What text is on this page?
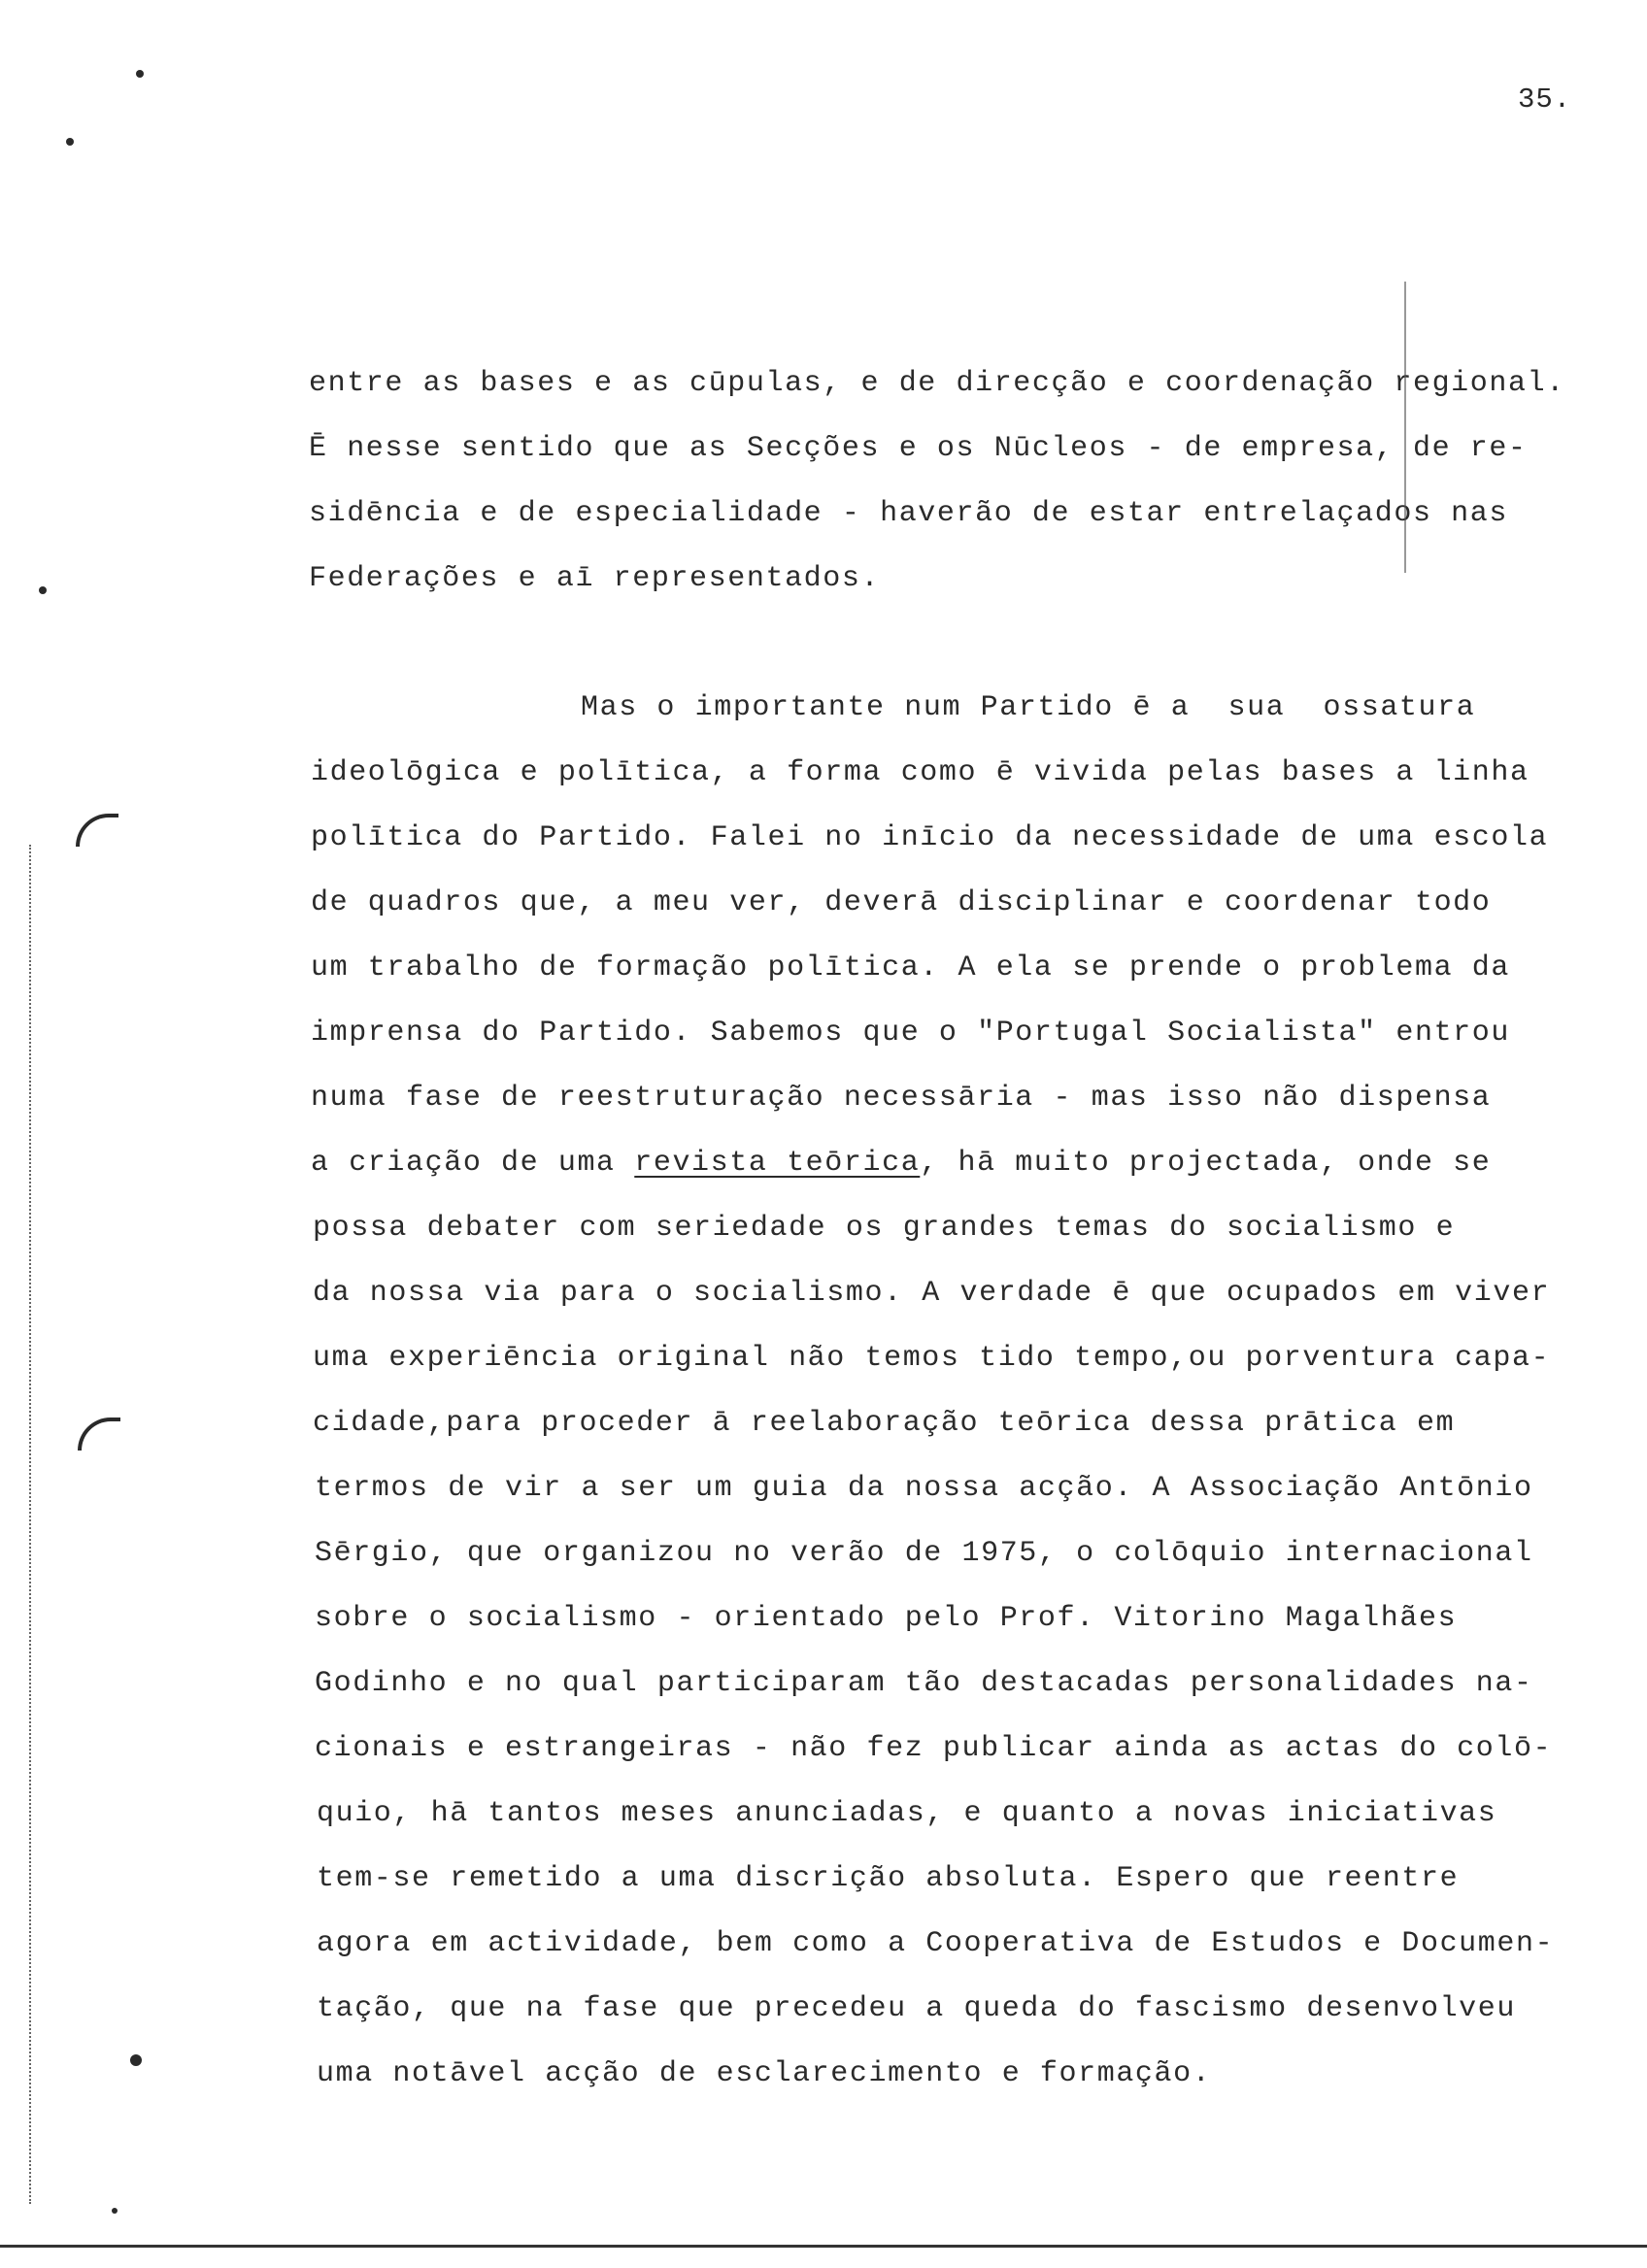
35.
entre as bases e as cūpulas, e de direcção e coordenação regional.
Ē nesse sentido que as Secções e os Nūcleos - de empresa, de re-
sidēncia e de especialidade - haverão de estar entrelaçados nas
Federações e aī representados.
Mas o importante num Partido ē a  sua  ossatura
ideolōgica e polītica, a forma como ē vivida pelas bases a linha
polītica do Partido. Falei no inīcio da necessidade de uma escola
de quadros que, a meu ver, deverā disciplinar e coordenar todo
um trabalho de formação polītica. A ela se prende o problema da
imprensa do Partido. Sabemos que o "Portugal Socialista" entrou
numa fase de reestruturação necessāria - mas isso não dispensa
a criação de uma revista teōrica, hā muito projectada, onde se
possa debater com seriedade os grandes temas do socialismo e
da nossa via para o socialismo. A verdade ē que ocupados em viver
uma experiēncia original não temos tido tempo,ou porventura capa-
cidade,para proceder ā reelaboração teōrica dessa prātica em
termos de vir a ser um guia da nossa acção. A Associação Antōnio
Sērgio, que organizou no verão de 1975, o colōquio internacional
sobre o socialismo - orientado pelo Prof. Vitorino Magalhães
Godinho e no qual participaram tão destacadas personalidades na-
cionais e estrangeiras - não fez publicar ainda as actas do colō-
quio, hā tantos meses anunciadas, e quanto a novas iniciativas
tem-se remetido a uma discrição absoluta. Espero que reentre
agora em actividade, bem como a Cooperativa de Estudos e Documen-
tação, que na fase que precedeu a queda do fascismo desenvolveu
uma notāvel acção de esclarecimento e formação.
